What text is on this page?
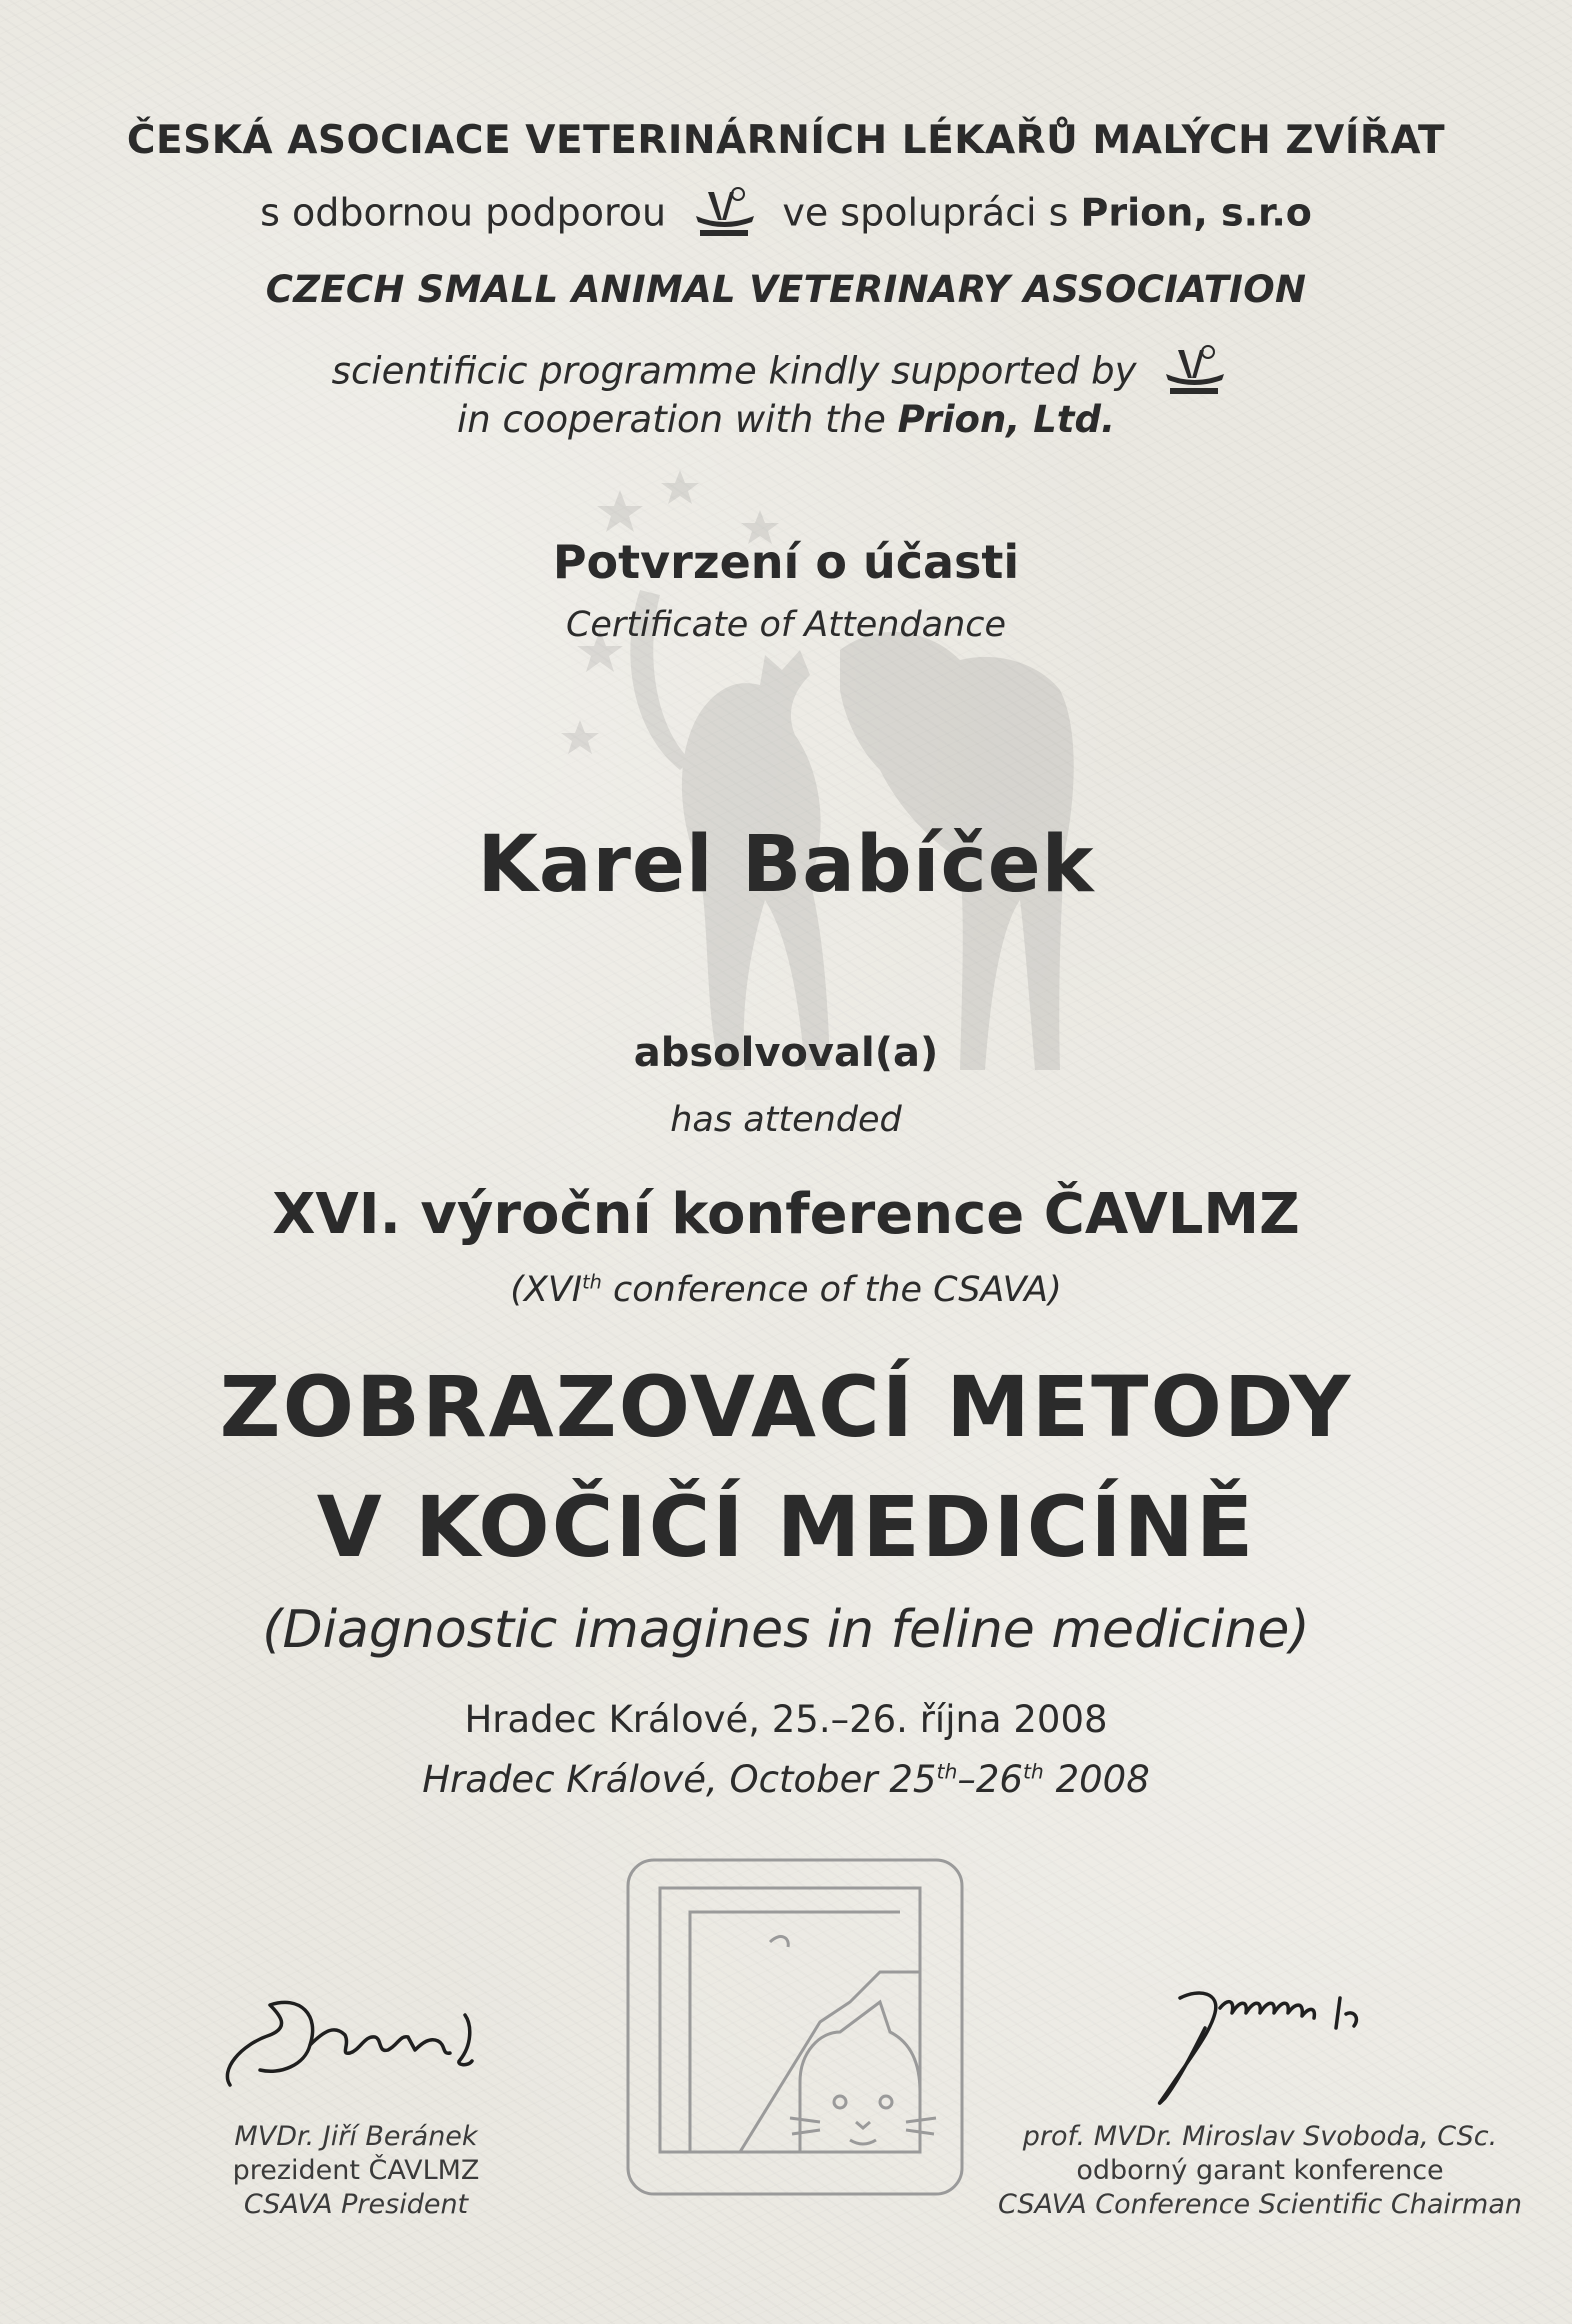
ČESKÁ ASOCIACE VETERINÁRNÍCH LÉKAŘŮ MALÝCH ZVÍŘAT
s odbornou podporou	ve spolupráci s Prion, s.r.o
CZECH SMALL ANIMAL VETERINARY ASSOCIATION
scientificic programme kindly supported by
in cooperation with the Prion, Ltd.
Potvrzení o účasti
Certificate of Attendance
Karel Babíček
absolvoval(a)
has attended
XVI. výroční konference ČAVLMZ
(XVIth conference of the CSAVA)
ZOBRAZOVACÍ METODY
V KOČIČÍ MEDICÍNĚ
(Diagnostic imagines in feline medicine)
Hradec Králové, 25.–26. října 2008
Hradec Králové, October 25th–26th 2008
MVDr. Jiří Beránek
prezident ČAVLMZ
CSAVA President
prof. MVDr. Miroslav Svoboda, CSc.
odborný garant konference
CSAVA Conference Scientific Chairman
